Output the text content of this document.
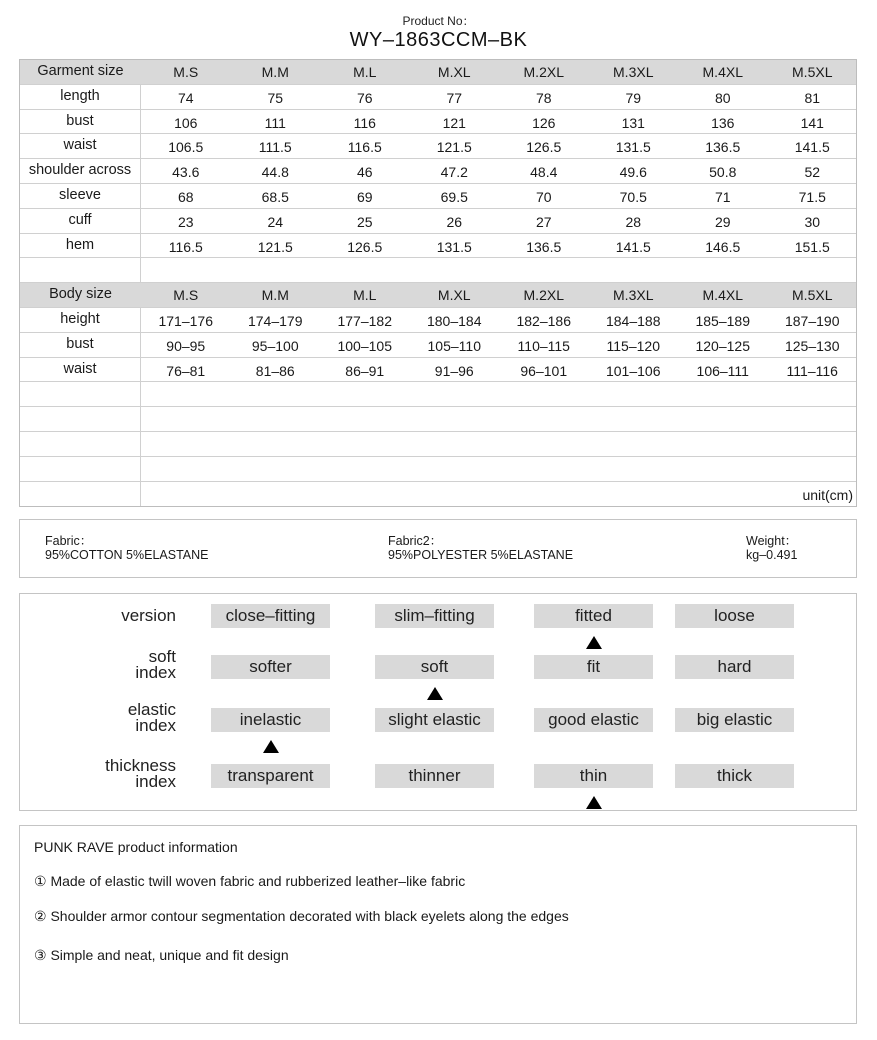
Product No：
WY‒1863CCM‒BK
Garment size	M.S	M.M	M.L	M.XL	M.2XL	M.3XL	M.4XL	M.5XL
length	74	75	76	77	78	79	80	81
bust	106	111	116	121	126	131	136	141
waist	106.5	111.5	116.5	121.5	126.5	131.5	136.5	141.5
shoulder across	43.6	44.8	46	47.2	48.4	49.6	50.8	52
sleeve	68	68.5	69	69.5	70	70.5	71	71.5
cuff	23	24	25	26	27	28	29	30
hem	116.5	121.5	126.5	131.5	136.5	141.5	146.5	151.5
Body size	M.S	M.M	M.L	M.XL	M.2XL	M.3XL	M.4XL	M.5XL
height	171‒176	174‒179	177‒182	180‒184	182‒186	184‒188	185‒189	187‒190
bust	90‒95	95‒100	100‒105	105‒110	110‒115	115‒120	120‒125	125‒130
waist	76‒81	81‒86	86‒91	91‒96	96‒101	101‒106	106‒111	111‒116
unit(cm)
Fabric：
95%COTTON 5%ELASTANE
Fabric2：
95%POLYESTER 5%ELASTANE
Weight：
kg‒0.491
version	close‒fitting	slim‒fitting	fitted	loose
soft
index	softer	soft	fit	hard
elastic
index	inelastic	slight elastic	good elastic	big elastic
thickness
index	transparent	thinner	thin	thick
PUNK RAVE product information
① Made of elastic twill woven fabric and rubberized leather‒like fabric
② Shoulder armor contour segmentation decorated with black eyelets along the edges
③ Simple and neat, unique and fit design
